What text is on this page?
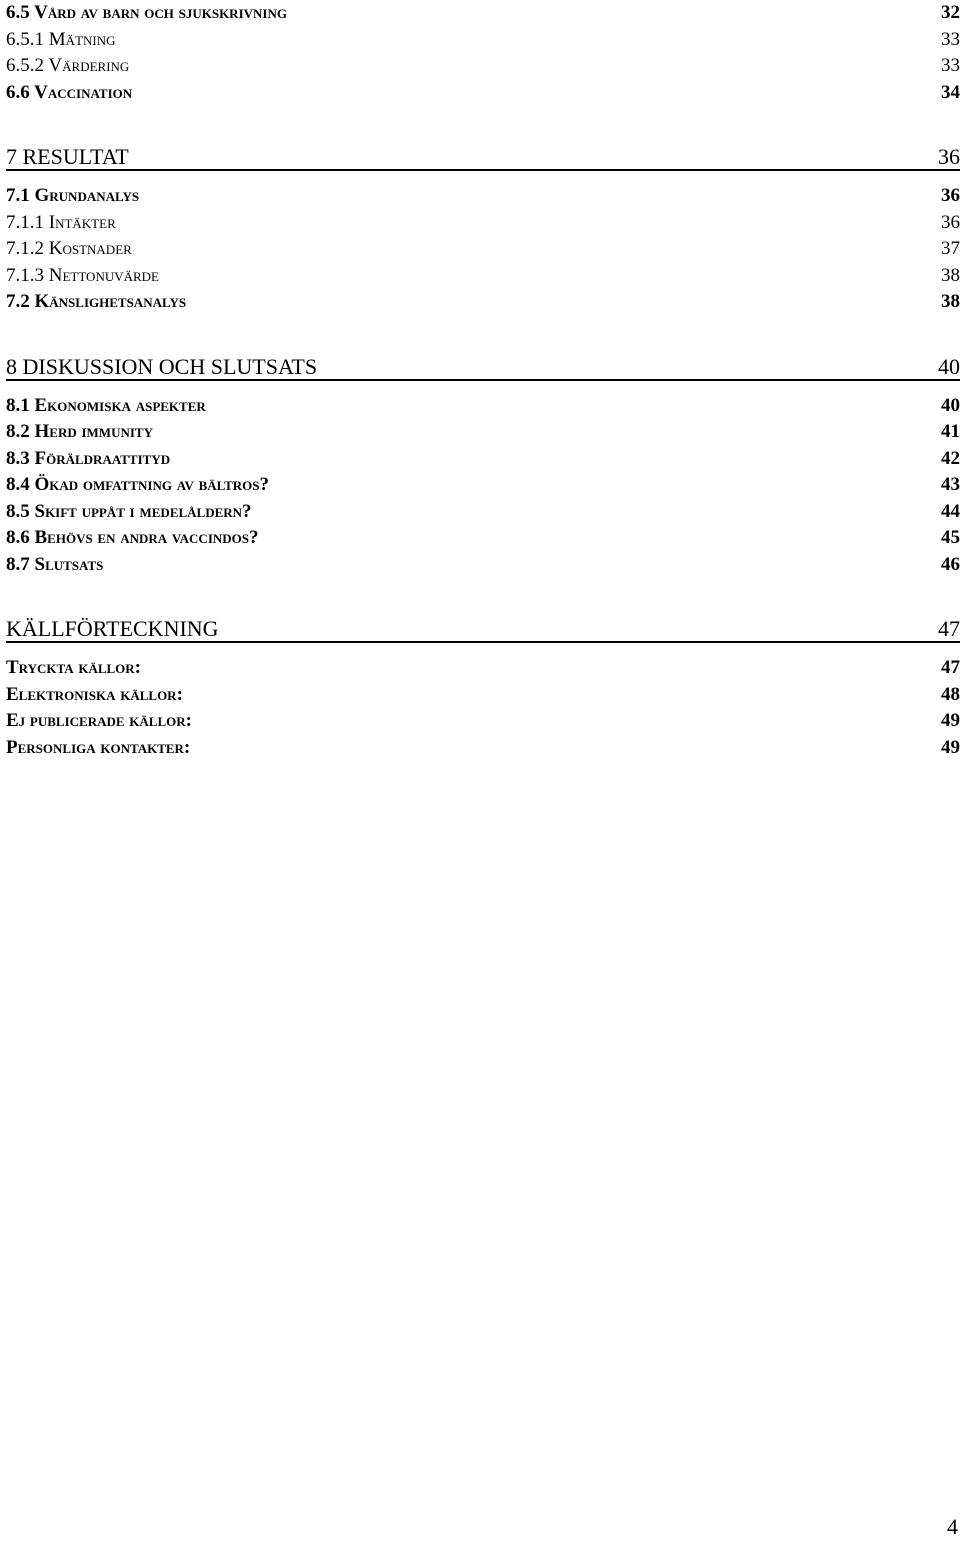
6.5 Vård av barn och sjukskrivning	32
6.5.1 Mätning	33
6.5.2 Värdering	33
6.6 Vaccination	34
7 RESULTAT	36
7.1 Grundanalys	36
7.1.1 Intäkter	36
7.1.2 Kostnader	37
7.1.3 Nettonuvärde	38
7.2 Känslighetsanalys	38
8 DISKUSSION OCH SLUTSATS	40
8.1 Ekonomiska aspekter	40
8.2 Herd immunity	41
8.3 Föräldraattityd	42
8.4 Ökad omfattning av bältros?	43
8.5 Skift uppåt i medelåldern?	44
8.6 Behövs en andra vaccindos?	45
8.7 Slutsats	46
KÄLLFÖRTECKNING	47
Tryckta källor:	47
Elektroniska källor:	48
Ej publicerade källor:	49
Personliga kontakter:	49
4
